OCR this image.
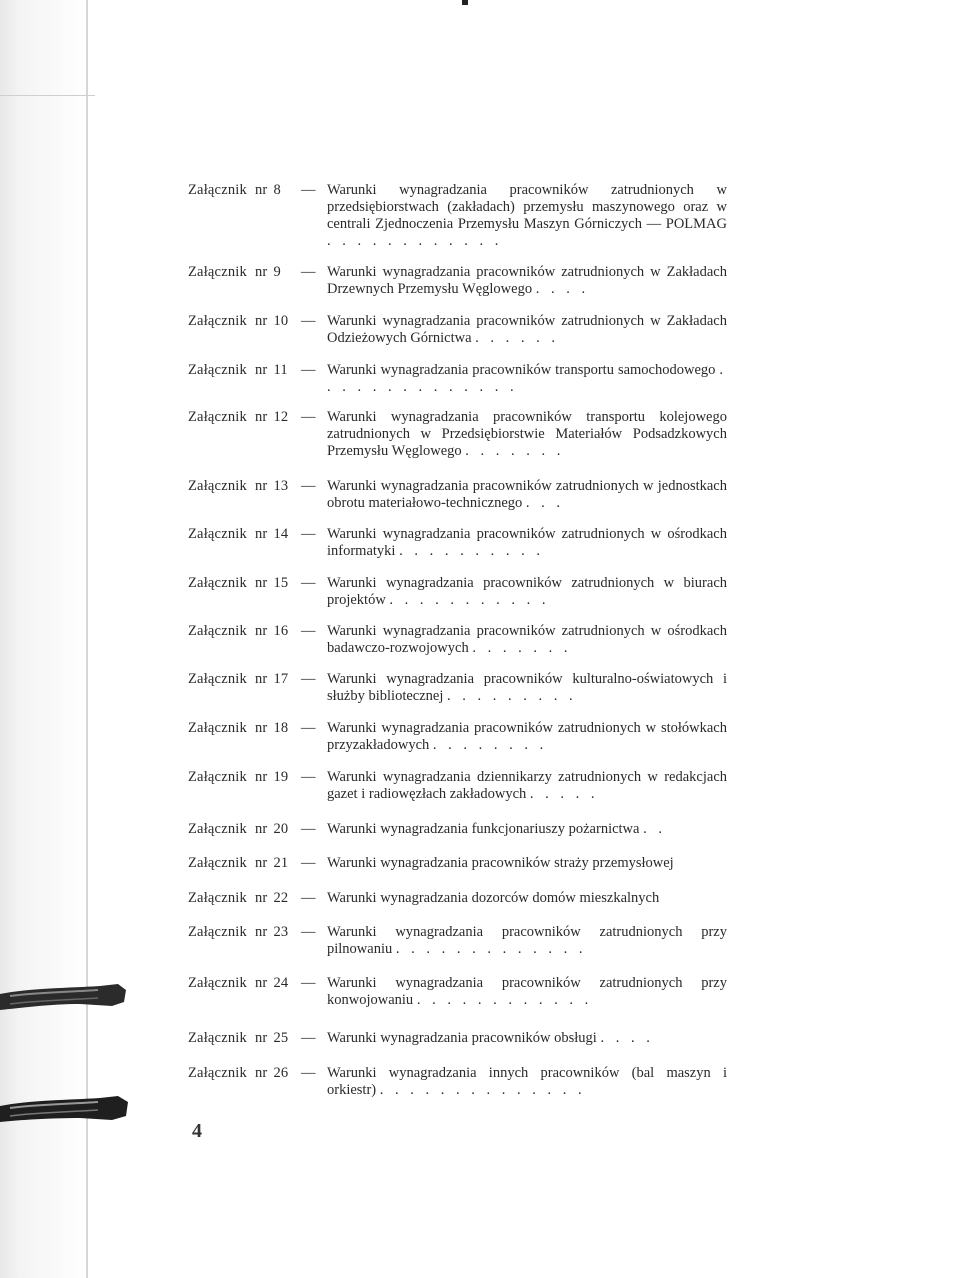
Załącznik nr 8	— Warunki wynagradzania pracowników zatrudnionych w przedsiębiorstwach (zakładach) przemysłu maszynowego oraz w centrali Zjednoczenia Przemysłu Maszyn Górniczych — POLMAG . . . . . . . . . . . .
Załącznik nr 9	— Warunki wynagradzania pracowników zatrudnionych w Zakładach Drzewnych Przemysłu Węglowego . . . .
Załącznik nr 10 — Warunki wynagradzania pracowników zatrudnionych w Zakładach Odzieżowych Górnictwa . . . . . .
Załącznik nr 11 — Warunki wynagradzania pracowników transportu samochodowego . . . . . . . . . . . . . .
Załącznik nr 12 — Warunki wynagradzania pracowników transportu kolejowego zatrudnionych w Przedsiębiorstwie Materiałów Podsadzkowych Przemysłu Węglowego . . . . . . .
Załącznik nr 13 — Warunki wynagradzania pracowników zatrudnionych w jednostkach obrotu materiałowo-technicznego . . .
Załącznik nr 14 — Warunki wynagradzania pracowników zatrudnionych w ośrodkach informatyki . . . . . . . . . .
Załącznik nr 15 — Warunki wynagradzania pracowników zatrudnionych w biurach projektów . . . . . . . . . . .
Załącznik nr 16 — Warunki wynagradzania pracowników zatrudnionych w ośrodkach badawczo-rozwojowych . . . . . . .
Załącznik nr 17 — Warunki wynagradzania pracowników kulturalno-oświatowych i służby bibliotecznej . . . . . . . . .
Załącznik nr 18 — Warunki wynagradzania pracowników zatrudnionych w stołówkach przyzakładowych . . . . . . . .
Załącznik nr 19 — Warunki wynagradzania dziennikarzy zatrudnionych w redakcjach gazet i radiowęzłach zakładowych . . . . .
Załącznik nr 20 — Warunki wynagradzania funkcjonariuszy pożarnictwa . .
Załącznik nr 21 — Warunki wynagradzania pracowników straży przemysłowej
Załącznik nr 22 — Warunki wynagradzania dozorców domów mieszkalnych
Załącznik nr 23 — Warunki wynagradzania pracowników zatrudnionych przy pilnowaniu . . . . . . . . . . . . .
Załącznik nr 24 — Warunki wynagradzania pracowników zatrudnionych przy konwojowaniu . . . . . . . . . . . .
Załącznik nr 25 — Warunki wynagradzania pracowników obsługi . . . .
Załącznik nr 26 — Warunki wynagradzania innych pracowników (bal maszyn i orkiestr) . . . . . . . . . . . . . .
4
